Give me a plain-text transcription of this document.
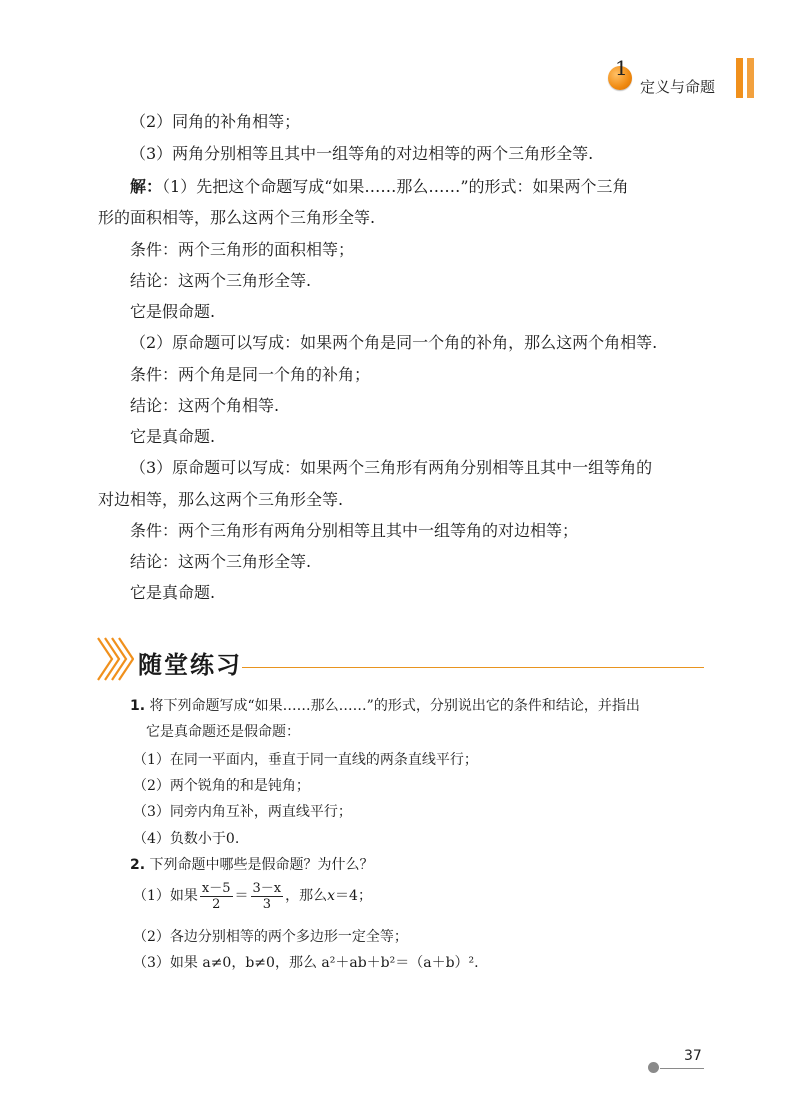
1
定义与命题
（2）同角的补角相等；
（3）两角分别相等且其中一组等角的对边相等的两个三角形全等.
解：（1）先把这个命题写成“如果……那么……”的形式：如果两个三角
形的面积相等，那么这两个三角形全等.
条件：两个三角形的面积相等；
结论：这两个三角形全等.
它是假命题.
（2）原命题可以写成：如果两个角是同一个角的补角，那么这两个角相等.
条件：两个角是同一个角的补角；
结论：这两个角相等.
它是真命题.
（3）原命题可以写成：如果两个三角形有两角分别相等且其中一组等角的
对边相等，那么这两个三角形全等.
条件：两个三角形有两角分别相等且其中一组等角的对边相等；
结论：这两个三角形全等.
它是真命题.
随堂练习
1. 将下列命题写成“如果……那么……”的形式，分别说出它的条件和结论，并指出
它是真命题还是假命题：
（1）在同一平面内，垂直于同一直线的两条直线平行；
（2）两个锐角的和是钝角；
（3）同旁内角互补，两直线平行；
（4）负数小于0.
2. 下列命题中哪些是假命题？为什么？
（1）如果 $\frac{x-5}{2} = \frac{3-x}{3}$ ，那么x＝4；
（2）各边分别相等的两个多边形一定全等；
（3）如果 a≠0，b≠0，那么 a²＋ab＋b²＝（a＋b）².
37
